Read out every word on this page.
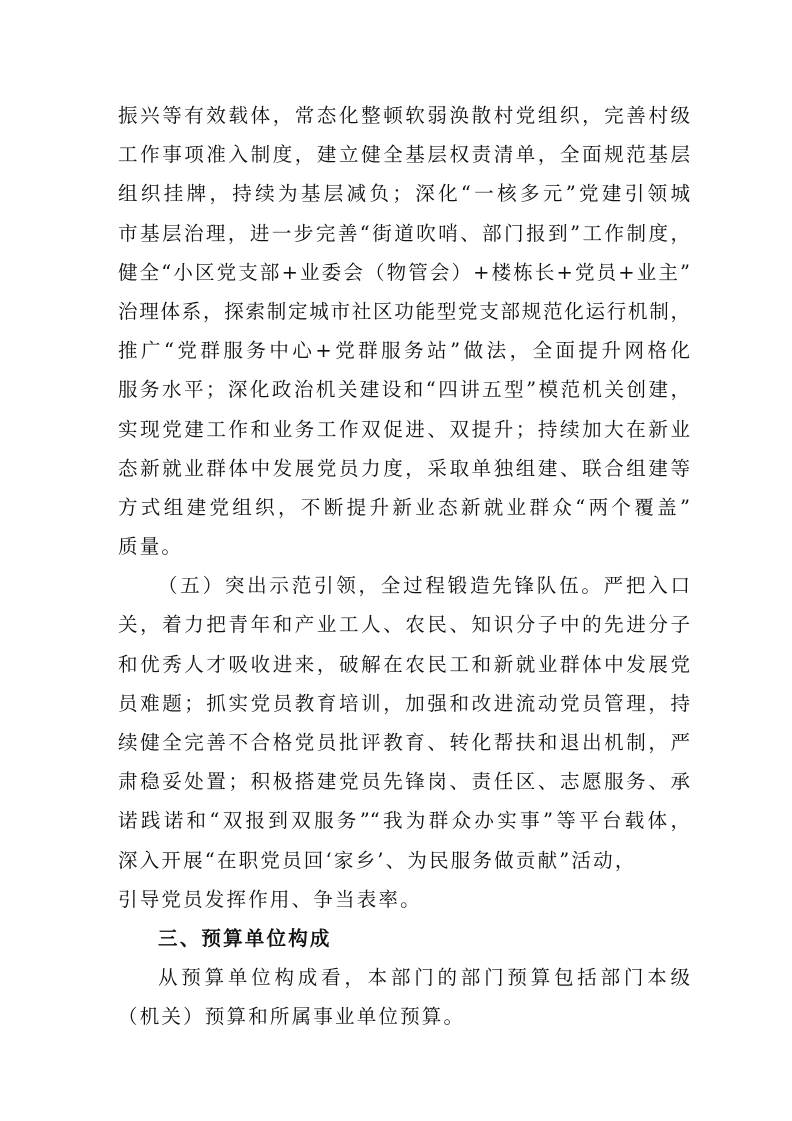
振兴等有效载体，常态化整顿软弱涣散村党组织，完善村级
工作事项准入制度，建立健全基层权责清单，全面规范基层
组织挂牌，持续为基层减负；深化“一核多元”党建引领城
市基层治理，进一步完善“街道吹哨、部门报到”工作制度，
健全“小区党支部+业委会（物管会）+楼栋长+党员+业主”
治理体系，探索制定城市社区功能型党支部规范化运行机制，
推广“党群服务中心+党群服务站”做法，全面提升网格化
服务水平；深化政治机关建设和“四讲五型”模范机关创建，
实现党建工作和业务工作双促进、双提升；持续加大在新业
态新就业群体中发展党员力度，采取单独组建、联合组建等
方式组建党组织，不断提升新业态新就业群众“两个覆盖”
质量。
（五）突出示范引领，全过程锻造先锋队伍。严把入口
关，着力把青年和产业工人、农民、知识分子中的先进分子
和优秀人才吸收进来，破解在农民工和新就业群体中发展党
员难题；抓实党员教育培训，加强和改进流动党员管理，持
续健全完善不合格党员批评教育、转化帮扶和退出机制，严
肃稳妥处置；积极搭建党员先锋岗、责任区、志愿服务、承
诺践诺和“双报到双服务”“我为群众办实事”等平台载体，
深入开展“在职党员回‘家乡’、为民服务做贡献”活动，
引导党员发挥作用、争当表率。
三、预算单位构成
从预算单位构成看，本部门的部门预算包括部门本级
（机关）预算和所属事业单位预算。
